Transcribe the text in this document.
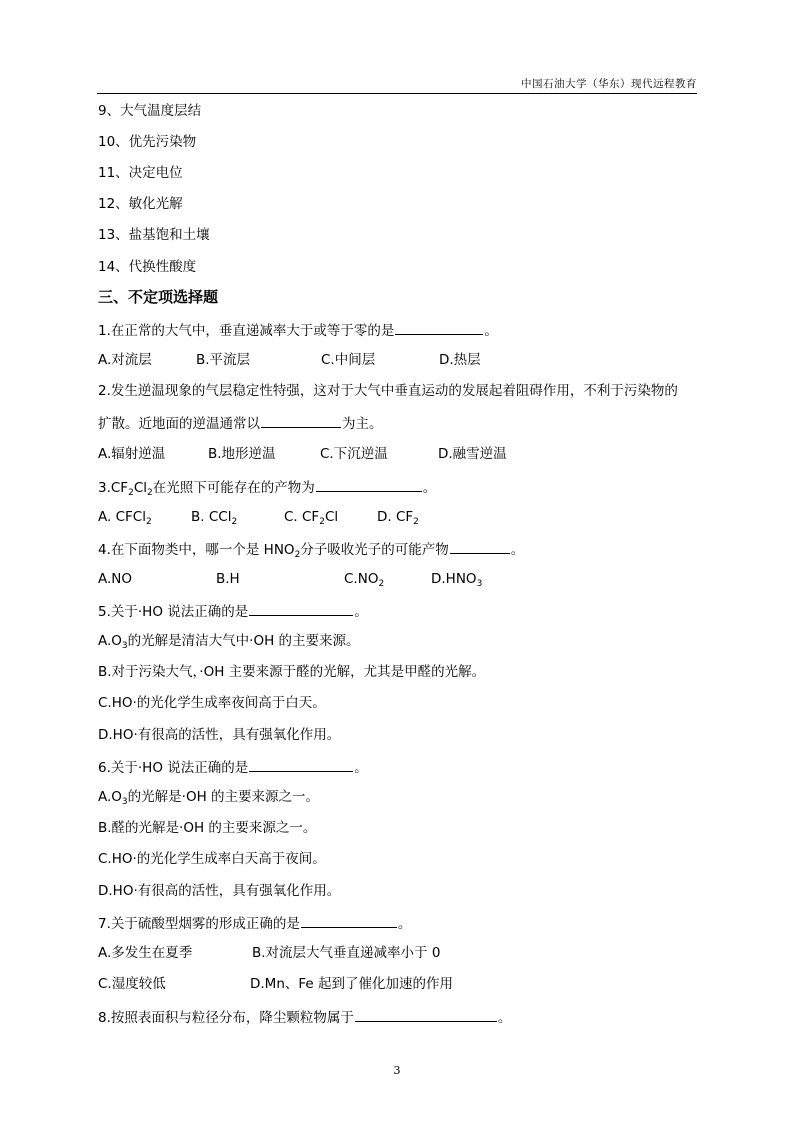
中国石油大学（华东）现代远程教育
9、大气温度层结
10、优先污染物
11、决定电位
12、敏化光解
13、盐基饱和土壤
14、代换性酸度
三、不定项选择题
1.在正常的大气中，垂直递减率大于或等于零的是	。
A.对流层	B.平流层	C.中间层	D.热层
2.发生逆温现象的气层稳定性特强，这对于大气中垂直运动的发展起着阻碍作用，不利于污染物的
扩散。近地面的逆温通常以	为主。
A.辐射逆温	B.地形逆温	C.下沉逆温	D.融雪逆温
$3.CF_2Cl_2$在光照下可能存在的产物为	。
A. CFCl$_2$	B. CCl$_2$	C. $CF_2Cl$	D. $CF_2$
4.在下面物类中，哪一个是 $HNO_2$分子吸收光子的可能产物	。
A.NO	B.H	$C.NO_2$	$D.HNO_3$
5.关于·HO 说法正确的是	。
$A.O_3$的光解是清洁大气中·OH 的主要来源。
B.对于污染大气，·OH 主要来源于醛的光解，尤其是甲醛的光解。
C.HO·的光化学生成率夜间高于白天。
D.HO·有很高的活性，具有强氧化作用。
6.关于·HO 说法正确的是	。
$A.O_3$的光解是·OH 的主要来源之一。
B.醛的光解是·OH 的主要来源之一。
C.HO·的光化学生成率白天高于夜间。
D.HO·有很高的活性，具有强氧化作用。
7.关于硫酸型烟雾的形成正确的是	。
A.多发生在夏季	B.对流层大气垂直递减率小于 0
C.湿度较低	D.Mn、Fe 起到了催化加速的作用
8.按照表面积与粒径分布，降尘颗粒物属于	。
3
